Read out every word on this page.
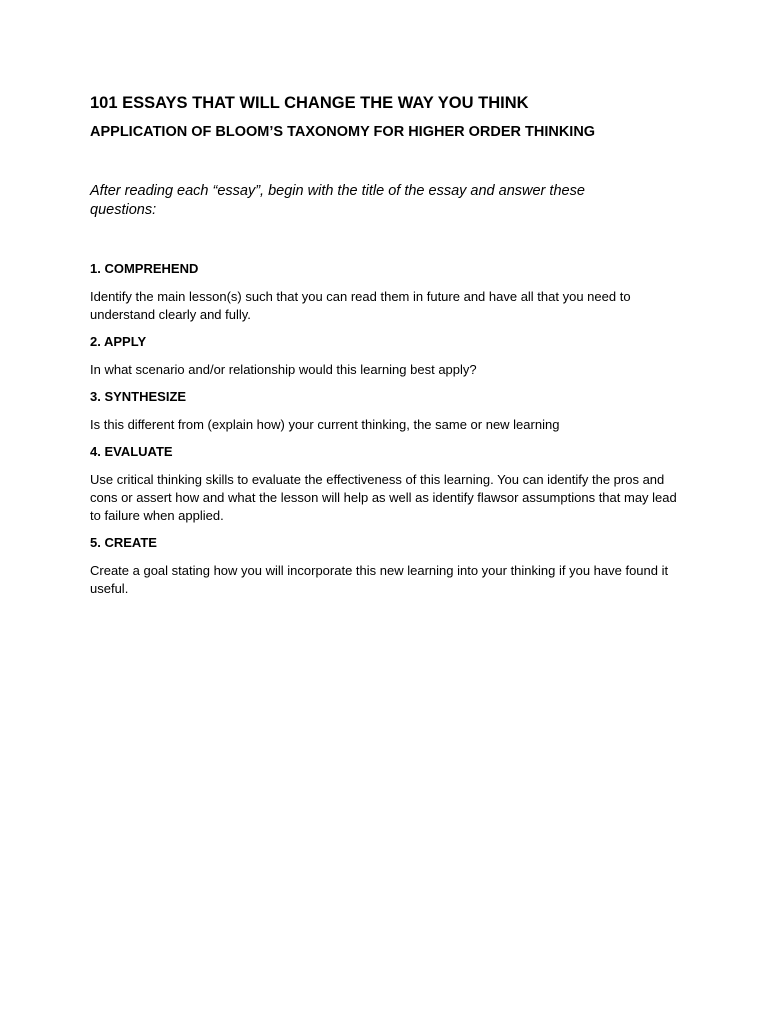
101 ESSAYS THAT WILL CHANGE THE WAY YOU THINK
APPLICATION OF BLOOM’S TAXONOMY FOR HIGHER ORDER THINKING

After reading each “essay”, begin with the title of the essay and answer these questions:

1. COMPREHEND

Identify the main lesson(s) such that you can read them in future and have all that you need to understand clearly and fully.

2. APPLY

In what scenario and/or relationship would this learning best apply?

3. SYNTHESIZE

Is this different from (explain how) your current thinking, the same or new learning

4. EVALUATE

Use critical thinking skills to evaluate the effectiveness of this learning. You can identify the pros and cons or assert how and what the lesson will help as well as identify flawsor assumptions that may lead to failure when applied.

5. CREATE

Create a goal stating how you will incorporate this new learning into your thinking if you have found it useful.
